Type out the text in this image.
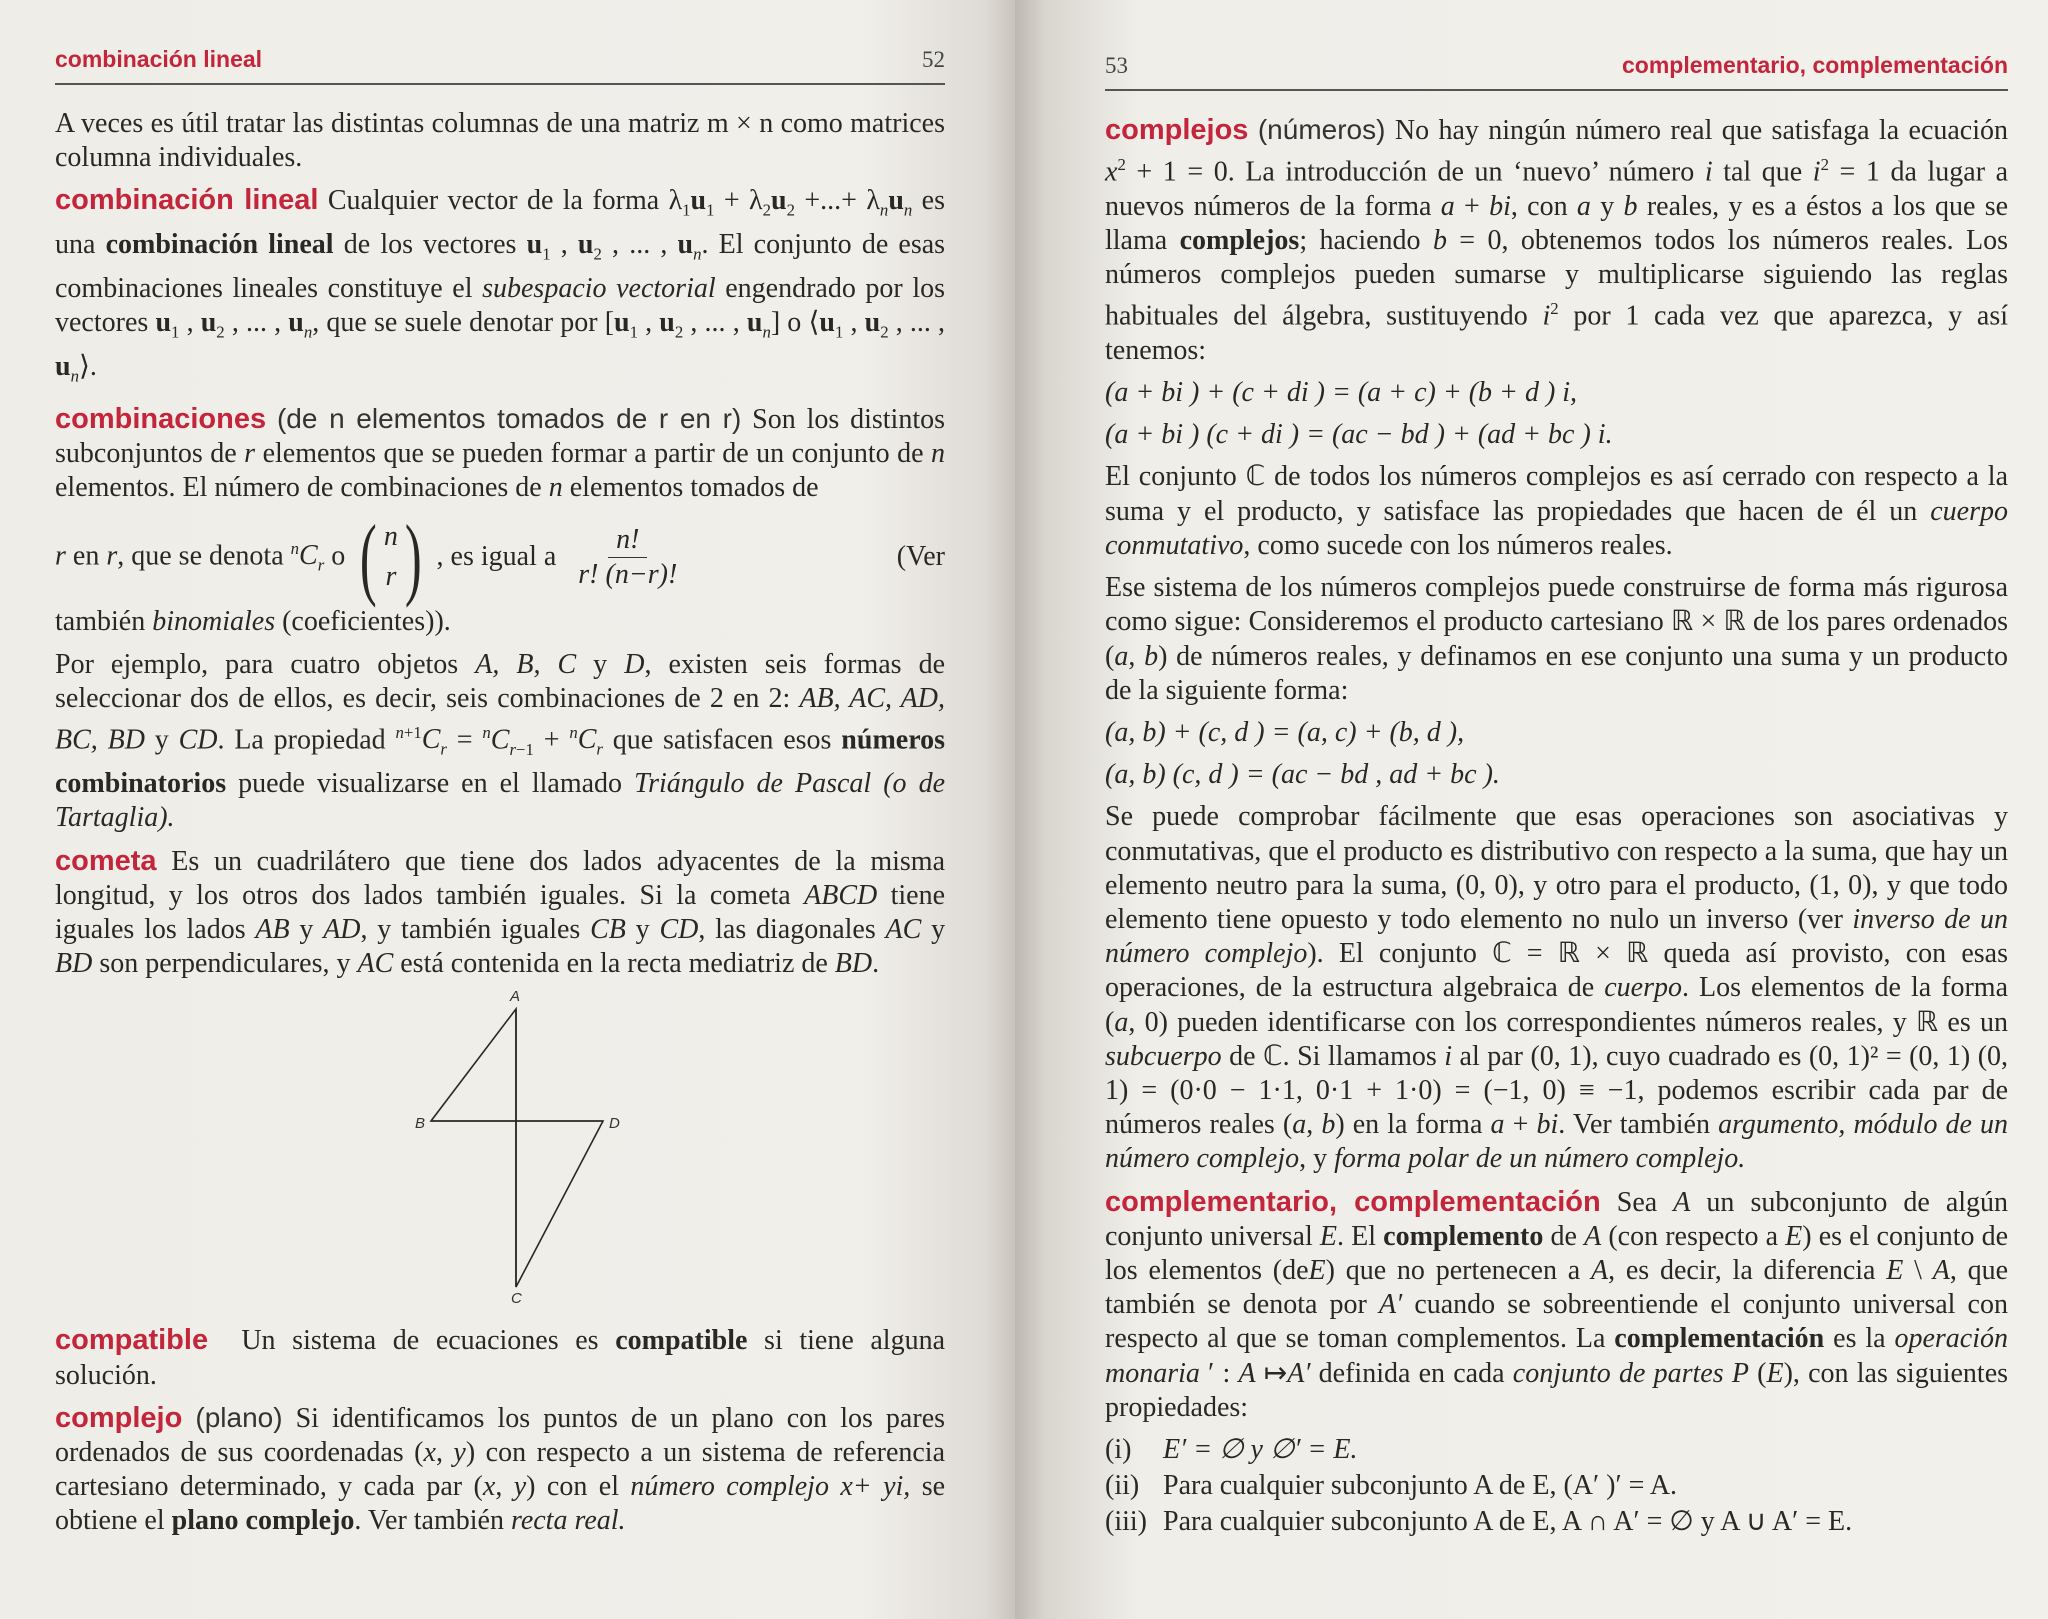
combinación lineal	52

A veces es útil tratar las distintas columnas de una matriz m × n como matrices columna individuales.

combinación lineal Cualquier vector de la forma $\lambda_1u_1 + \lambda_2u_2$ +...+ $\lambda_nu_n$ es una combinación lineal de los vectores $u_1$ , $u_2$ , ... , $u_n$. El conjunto de esas combinaciones lineales constituye el subespacio vectorial engendrado por los vectores $u_1$ , $u_2$ , ... , $u_n$, que se suele denotar por [$u_1$ , $u_2$ , ... , $u_n$] o $⟨u_1$ , $u_2$ , ... , $u_n⟩$.

combinaciones (de n elementos tomados de r en r) Son los distintos subconjuntos de r elementos que se pueden formar a partir de un conjunto de n elementos. El número de combinaciones de n elementos tomados de

r en r, que se denota $^nC_r$ o ( n
r ) , es igual a $\frac{n!}{r! (n-r)!}$	(Ver

también binomiales (coeficientes)).

Por ejemplo, para cuatro objetos A, B, C y D, existen seis formas de seleccionar dos de ellos, es decir, seis combinaciones de 2 en 2: AB, AC, AD, BC, BD y CD. La propiedad $^{n+1}C_r = ^nC_{r-1} + ^nC_r$ que satisfacen esos números combinatorios puede visualizarse en el llamado Triángulo de Pascal (o de Tartaglia).

cometa Es un cuadrilátero que tiene dos lados adyacentes de la misma longitud, y los otros dos lados también iguales. Si la cometa ABCD tiene iguales los lados AB y AD, y también iguales CB y CD, las diagonales AC y BD son perpendiculares, y AC está contenida en la recta mediatriz de BD.

A
B
C
D

compatible Un sistema de ecuaciones es compatible si tiene alguna solución.

complejo (plano) Si identificamos los puntos de un plano con los pares ordenados de sus coordenadas (x, y) con respecto a un sistema de referencia cartesiano determinado, y cada par (x, y) con el número complejo x+ yi, se obtiene el plano complejo. Ver también recta real.

53	complementario, complementación

complejos (números) No hay ningún número real que satisfaga la ecuación $x^2 + 1 = 0$. La introducción de un ‘nuevo’ número i tal que $i^2 = 1$ da lugar a nuevos números de la forma a + bi, con a y b reales, y es a éstos a los que se llama complejos; haciendo b = 0, obtenemos todos los números reales. Los números complejos pueden sumarse y multiplicarse siguiendo las reglas habituales del álgebra, sustituyendo $i^2$ por 1 cada vez que aparezca, y así tenemos:

(a + bi ) + (c + di ) = (a + c) + (b + d ) i,

(a + bi ) (c + di ) = (ac − bd ) + (ad + bc ) i.

El conjunto ℂ de todos los números complejos es así cerrado con respecto a la suma y el producto, y satisface las propiedades que hacen de él un cuerpo conmutativo, como sucede con los números reales.

Ese sistema de los números complejos puede construirse de forma más rigurosa como sigue: Consideremos el producto cartesiano ℝ × ℝ de los pares ordenados (a, b) de números reales, y definamos en ese conjunto una suma y un producto de la siguiente forma:

(a, b) + (c, d ) = (a, c) + (b, d ),

(a, b) (c, d ) = (ac − bd , ad + bc ).

Se puede comprobar fácilmente que esas operaciones son asociativas y conmutativas, que el producto es distributivo con respecto a la suma, que hay un elemento neutro para la suma, (0, 0), y otro para el producto, (1, 0), y que todo elemento tiene opuesto y todo elemento no nulo un inverso (ver inverso de un número complejo). El conjunto ℂ = ℝ × ℝ queda así provisto, con esas operaciones, de la estructura algebraica de cuerpo. Los elementos de la forma (a, 0) pueden identificarse con los correspondientes números reales, y ℝ es un subcuerpo de ℂ. Si llamamos i al par (0, 1), cuyo cuadrado es (0, 1)² = (0, 1) (0, 1) = (0·0 − 1·1, 0·1 + 1·0) = (−1, 0) ≡ −1, podemos escribir cada par de números reales (a, b) en la forma a + bi. Ver también argumento, módulo de un número complejo, y forma polar de un número complejo.

complementario, complementación Sea A un subconjunto de algún conjunto universal E. El complemento de A (con respecto a E) es el conjunto de los elementos (deE) que no pertenecen a A, es decir, la diferencia E \ A, que también se denota por A′ cuando se sobreentiende el conjunto universal con respecto al que se toman complementos. La complementación es la operación monaria ′ : A ↦A′ definida en cada conjunto de partes P (E), con las siguientes propiedades:

(i)	E′ = ∅ y ∅′ = E.
(ii) Para cualquier subconjunto A de E, (A′ )′ = A.
(iii) Para cualquier subconjunto A de E, A ∩ A′ = ∅ y A ∪ A′ = E.
